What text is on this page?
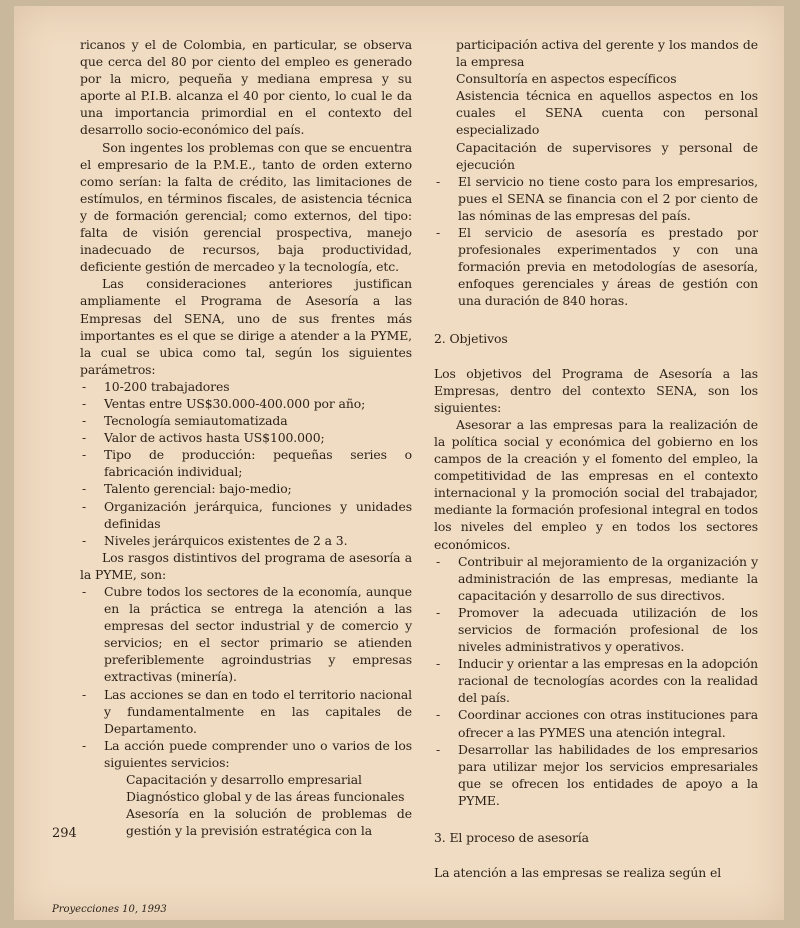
ricanos y el de Colombia, en particular, se observa que cerca del 80 por ciento del empleo es generado por la micro, pequeña y mediana empresa y su aporte al P.I.B. alcanza el 40 por ciento, lo cual le da una importancia primordial en el contexto del desarrollo socio-económico del país.

Son ingentes los problemas con que se encuentra el empresario de la P.M.E., tanto de orden externo como serían: la falta de crédito, las limitaciones de estímulos, en términos fiscales, de asistencia técnica y de formación gerencial; como externos, del tipo: falta de visión gerencial prospectiva, manejo inadecuado de recursos, baja productividad, deficiente gestión de mercadeo y la tecnología, etc.

Las consideraciones anteriores justifican ampliamente el Programa de Asesoría a las Empresas del SENA, uno de sus frentes más importantes es el que se dirige a atender a la PYME, la cual se ubica como tal, según los siguientes parámetros:

- 10-200 trabajadores
- Ventas entre US$30.000-400.000 por año;
- Tecnología semiautomatizada
- Valor de activos hasta US$100.000;
- Tipo de producción: pequeñas series o fabricación individual;
- Talento gerencial: bajo-medio;
- Organización jerárquica, funciones y unidades definidas
- Niveles jerárquicos existentes de 2 a 3.

Los rasgos distintivos del programa de asesoría a la PYME, son:

- Cubre todos los sectores de la economía, aunque en la práctica se entrega la atención a las empresas del sector industrial y de comercio y servicios; en el sector primario se atienden preferiblemente agroindustrias y empresas extractivas (minería).
- Las acciones se dan en todo el territorio nacional y fundamentalmente en las capitales de Departamento.
- La acción puede comprender uno o varios de los siguientes servicios:
Capacitación y desarrollo empresarial
Diagnóstico global y de las áreas funcionales
Asesoría en la solución de problemas de gestión y la previsión estratégica con la
participación activa del gerente y los mandos de la empresa
Consultoría en aspectos específicos
Asistencia técnica en aquellos aspectos en los cuales el SENA cuenta con personal especializado
Capacitación de supervisores y personal de ejecución
- El servicio no tiene costo para los empresarios, pues el SENA se financia con el 2 por ciento de las nóminas de las empresas del país.
- El servicio de asesoría es prestado por profesionales experimentados y con una formación previa en metodologías de asesoría, enfoques gerenciales y áreas de gestión con una duración de 840 horas.

2. Objetivos

Los objetivos del Programa de Asesoría a las Empresas, dentro del contexto SENA, son los siguientes:

Asesorar a las empresas para la realización de la política social y económica del gobierno en los campos de la creación y el fomento del empleo, la competitividad de las empresas en el contexto internacional y la promoción social del trabajador, mediante la formación profesional integral en todos los niveles del empleo y en todos los sectores económicos.

- Contribuir al mejoramiento de la organización y administración de las empresas, mediante la capacitación y desarrollo de sus directivos.
- Promover la adecuada utilización de los servicios de formación profesional de los niveles administrativos y operativos.
- Inducir y orientar a las empresas en la adopción racional de tecnologías acordes con la realidad del país.
- Coordinar acciones con otras instituciones para ofrecer a las PYMES una atención integral.
- Desarrollar las habilidades de los empresarios para utilizar mejor los servicios empresariales que se ofrecen los entidades de apoyo a la PYME.

3. El proceso de asesoría

La atención a las empresas se realiza según el

294
Proyecciones 10, 1993
